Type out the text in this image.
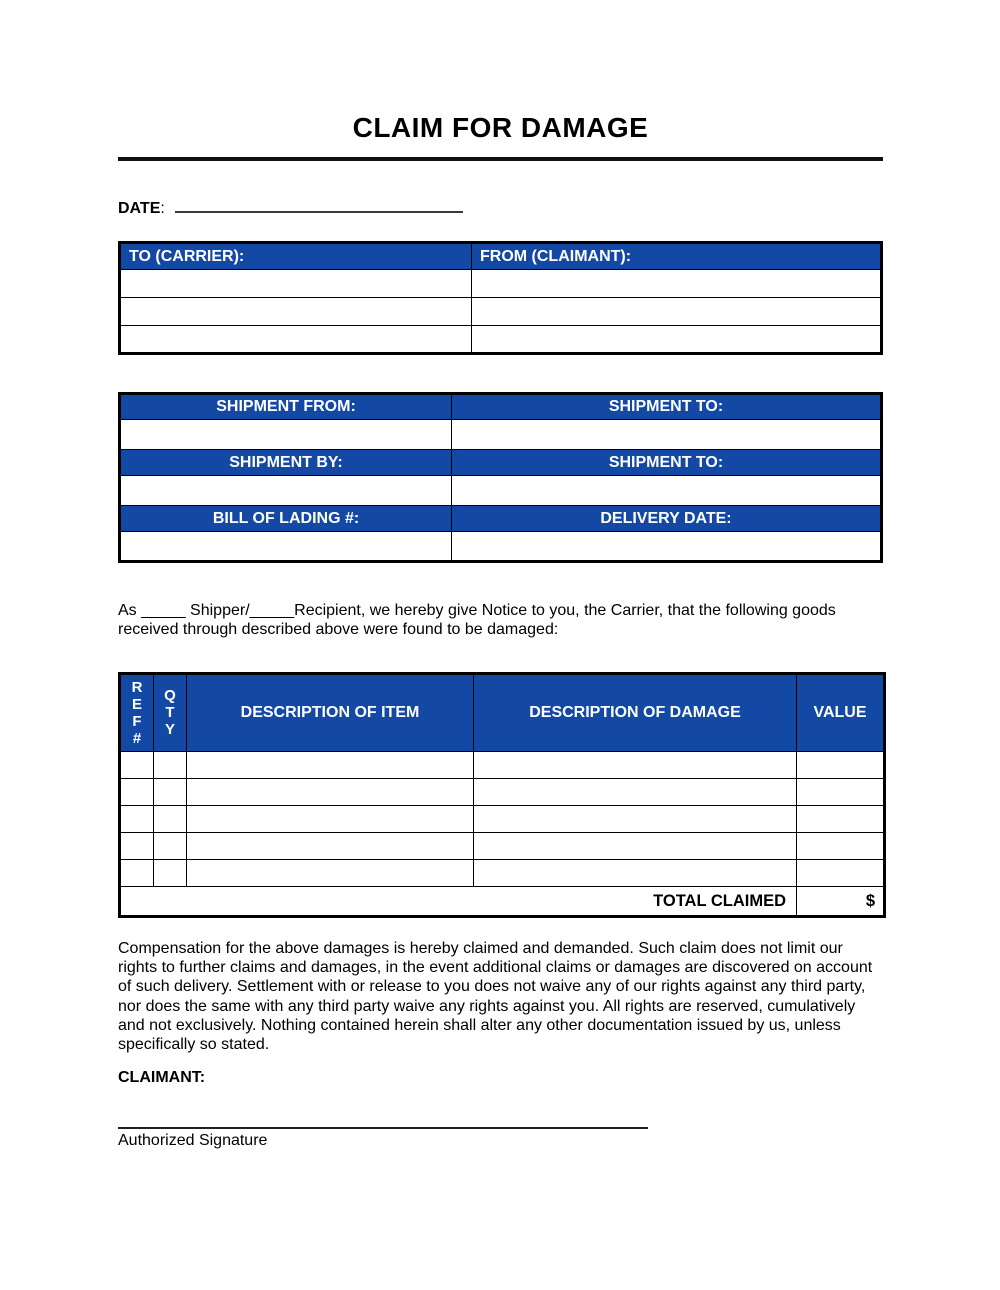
CLAIM FOR DAMAGE
DATE:
TO (CARRIER):	FROM (CLAIMANT):

SHIPMENT FROM:	SHIPMENT TO:

SHIPMENT BY:	SHIPMENT TO:

BILL OF LADING #:	DELIVERY DATE:

As _____ Shipper/_____Recipient, we hereby give Notice to you, the Carrier, that the following goods received through described above were found to be damaged:
REF#	QTY	DESCRIPTION OF ITEM	DESCRIPTION OF DAMAGE	VALUE

TOTAL CLAIMED				$
Compensation for the above damages is hereby claimed and demanded. Such claim does not limit our rights to further claims and damages, in the event additional claims or damages are discovered on account of such delivery. Settlement with or release to you does not waive any of our rights against any third party, nor does the same with any third party waive any rights against you. All rights are reserved, cumulatively and not exclusively. Nothing contained herein shall alter any other documentation issued by us, unless specifically so stated.
CLAIMANT:
Authorized Signature
